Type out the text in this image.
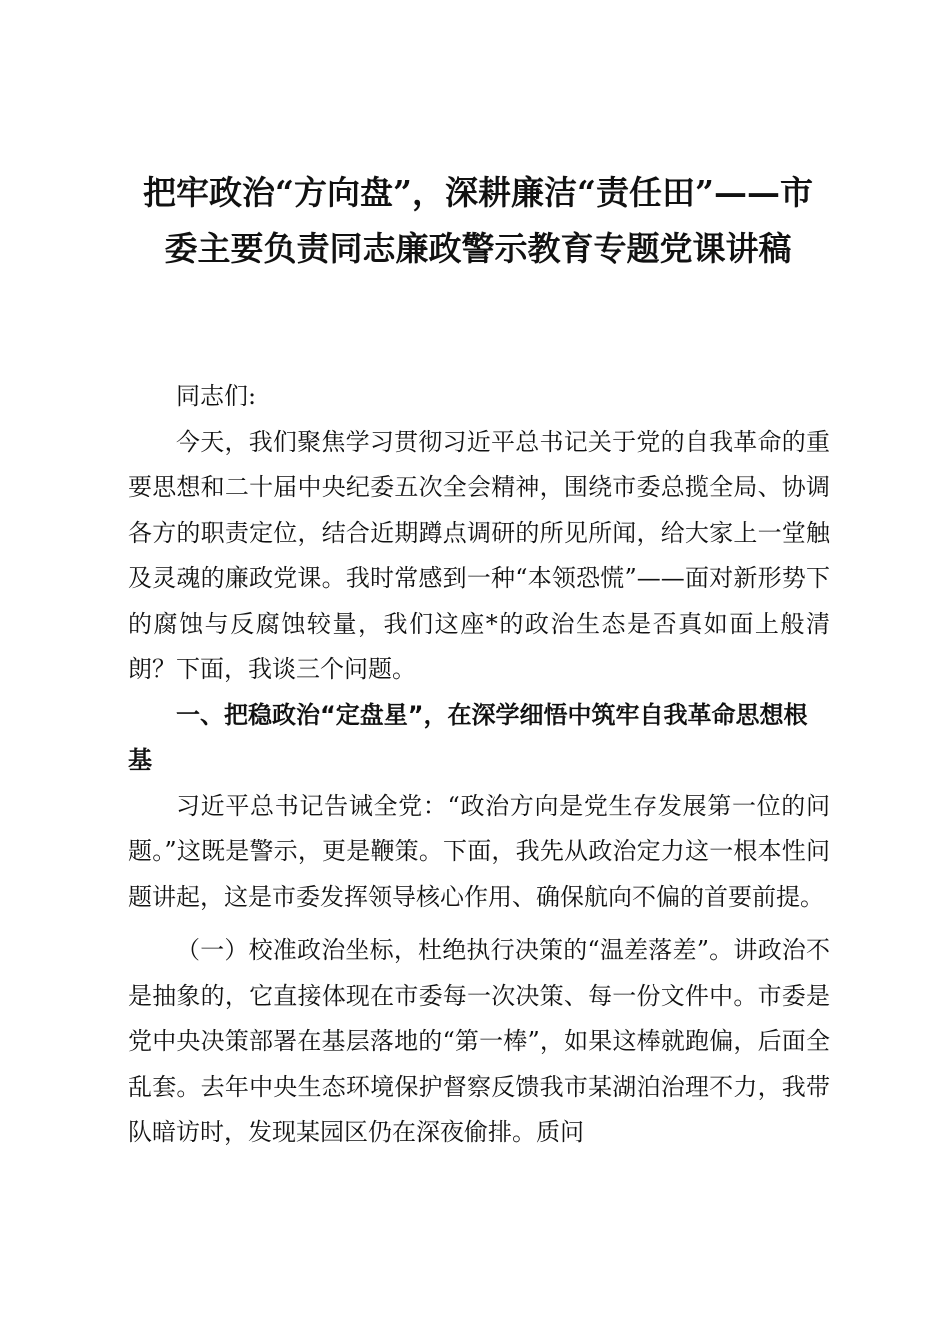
把牢政治“方向盘”，深耕廉洁“责任田”——市委主要负责同志廉政警示教育专题党课讲稿

同志们:

今天，我们聚焦学习贯彻习近平总书记关于党的自我革命的重要思想和二十届中央纪委五次全会精神，围绕市委总揽全局、协调各方的职责定位，结合近期蹲点调研的所见所闻，给大家上一堂触及灵魂的廉政党课。我时常感到一种“本领恐慌”——面对新形势下的腐蚀与反腐蚀较量，我们这座*的政治生态是否真如面上般清朗？下面，我谈三个问题。

一、把稳政治“定盘星”，在深学细悟中筑牢自我革命思想根基

习近平总书记告诫全党：“政治方向是党生存发展第一位的问题。”这既是警示，更是鞭策。下面，我先从政治定力这一根本性问题讲起，这是市委发挥领导核心作用、确保航向不偏的首要前提。

（一）校准政治坐标，杜绝执行决策的“温差落差”。讲政治不是抽象的，它直接体现在市委每一次决策、每一份文件中。市委是党中央决策部署在基层落地的“第一棒”，如果这棒就跑偏，后面全乱套。去年中央生态环境保护督察反馈我市某湖泊治理不力，我带队暗访时，发现某园区仍在深夜偷排。质问
